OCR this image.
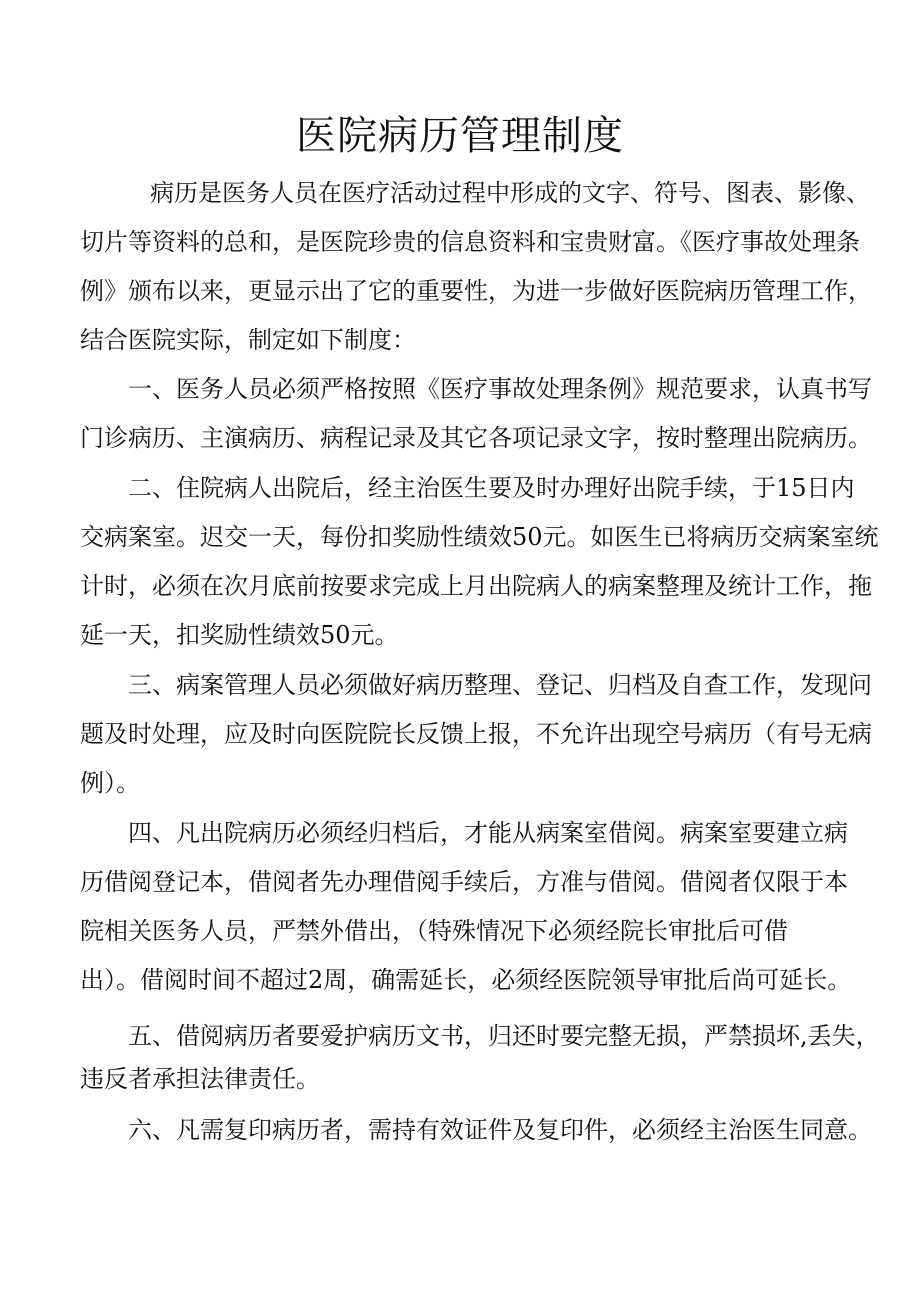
医院病历管理制度

病历是医务人员在医疗活动过程中形成的文字、符号、图表、影像、

切片等资料的总和，是医院珍贵的信息资料和宝贵财富。《医疗事故处理条

例》颁布以来，更显示出了它的重要性，为进一步做好医院病历管理工作，

结合医院实际，制定如下制度：

一、医务人员必须严格按照《医疗事故处理条例》规范要求，认真书写

门诊病历、主演病历、病程记录及其它各项记录文字，按时整理出院病历。

二、住院病人出院后，经主治医生要及时办理好出院手续，于15日内

交病案室。迟交一天，每份扣奖励性绩效50元。如医生已将病历交病案室统

计时，必须在次月底前按要求完成上月出院病人的病案整理及统计工作，拖

延一天，扣奖励性绩效50元。

三、病案管理人员必须做好病历整理、登记、归档及自查工作，发现问

题及时处理，应及时向医院院长反馈上报，不允许出现空号病历（有号无病

例）。

四、凡出院病历必须经归档后，才能从病案室借阅。病案室要建立病

历借阅登记本，借阅者先办理借阅手续后，方准与借阅。借阅者仅限于本

院相关医务人员，严禁外借出，（特殊情况下必须经院长审批后可借

出）。借阅时间不超过2周，确需延长，必须经医院领导审批后尚可延长。

五、借阅病历者要爱护病历文书，归还时要完整无损，严禁损坏,丢失，

违反者承担法律责任。

六、凡需复印病历者，需持有效证件及复印件，必须经主治医生同意。
